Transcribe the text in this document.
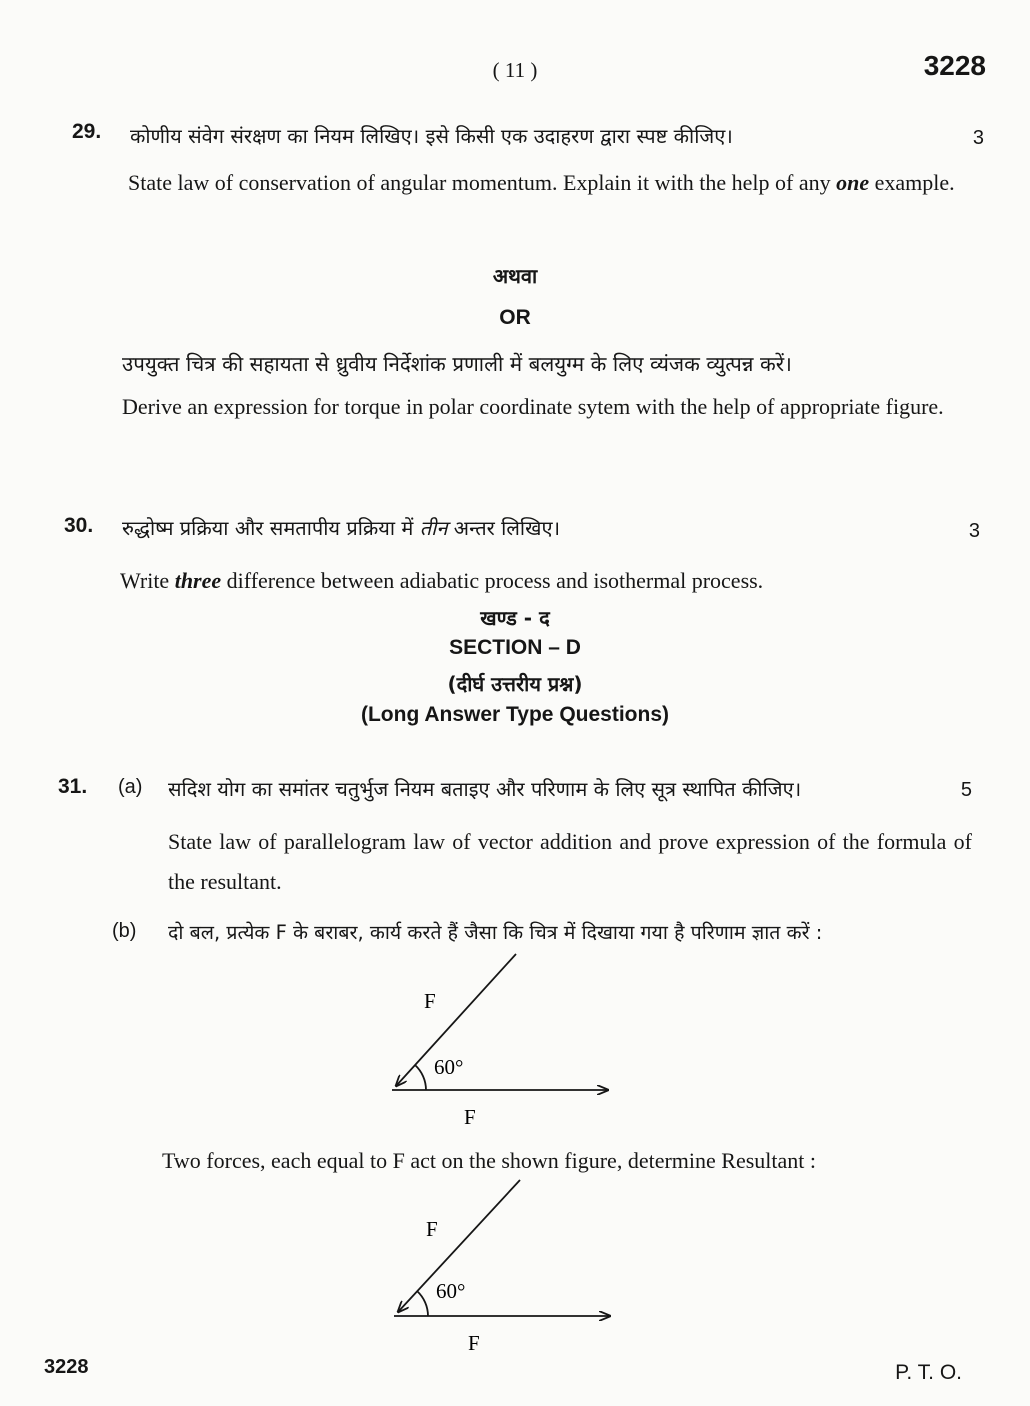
( 11 )	3228
29. कोणीय संवेग संरक्षण का नियम लिखिए। इसे किसी एक उदाहरण द्वारा स्पष्ट कीजिए।	3
State law of conservation of angular momentum. Explain it with the help of any one example.
अथवा
OR
उपयुक्त चित्र की सहायता से ध्रुवीय निर्देशांक प्रणाली में बलयुग्म के लिए व्यंजक व्युत्पन्न करें।
Derive an expression for torque in polar coordinate sytem with the help of appropriate figure.
30. रुद्धोष्म प्रक्रिया और समतापीय प्रक्रिया में तीन अन्तर लिखिए।	3
Write three difference between adiabatic process and isothermal process.
खण्ड - द
SECTION – D
(दीर्घ उत्तरीय प्रश्न)
(Long Answer Type Questions)
31. (a) सदिश योग का समांतर चतुर्भुज नियम बताइए और परिणाम के लिए सूत्र स्थापित कीजिए।	5
State law of parallelogram law of vector addition and prove expression of the formula of the resultant.
(b) दो बल, प्रत्येक F के बराबर, कार्य करते हैं जैसा कि चित्र में दिखाया गया है परिणाम ज्ञात करें :
F
60°
F
Two forces, each equal to F act on the shown figure, determine Resultant :
F
60°
F
3228	P. T. O.
